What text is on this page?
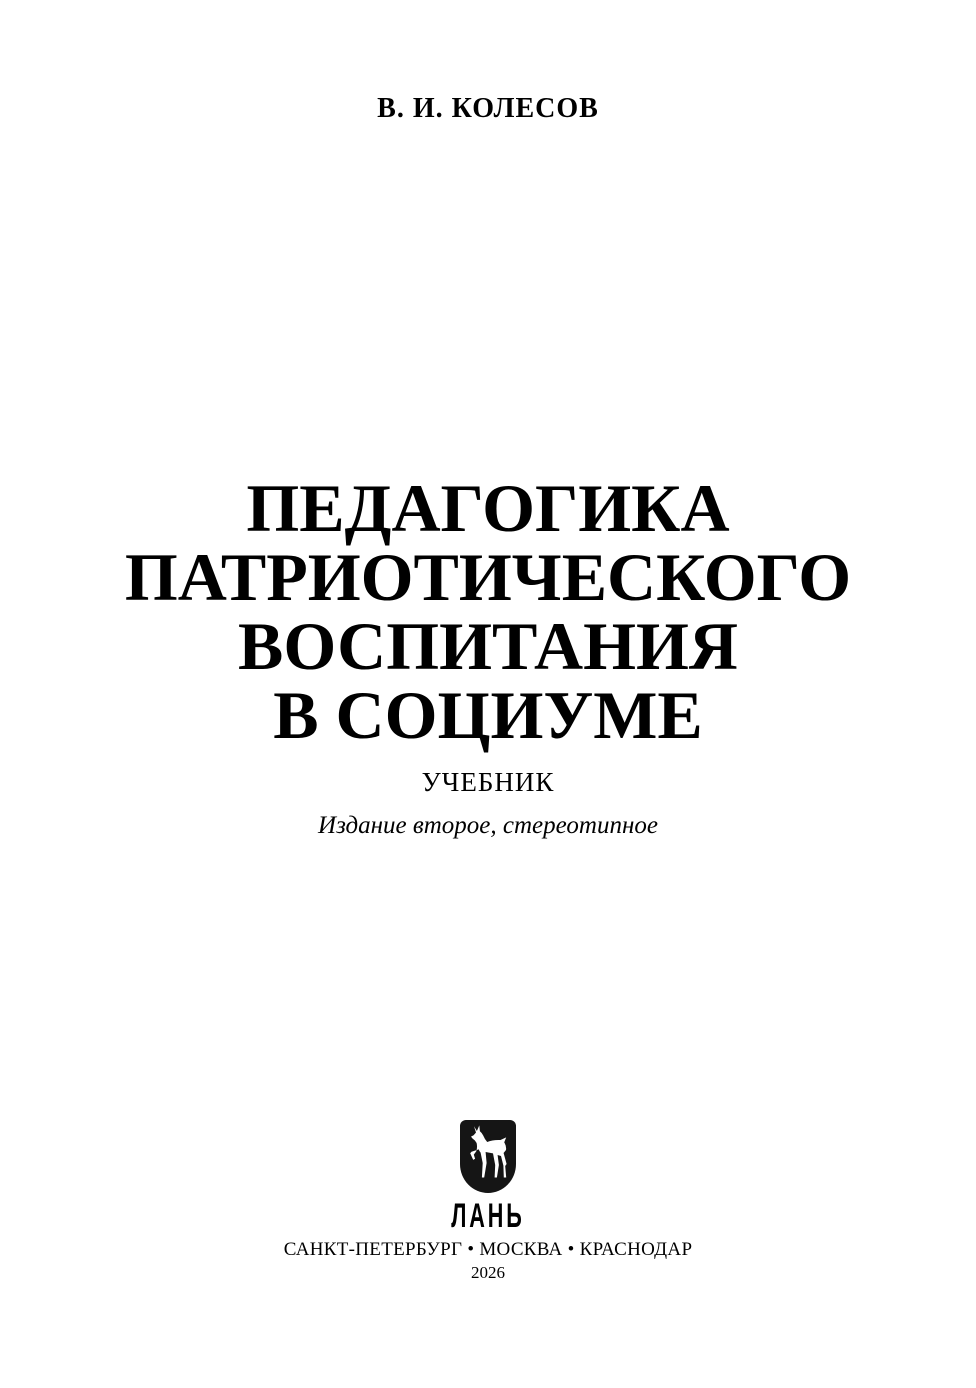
В. И. КОЛЕСОВ
ПЕДАГОГИКА
ПАТРИОТИЧЕСКОГО
ВОСПИТАНИЯ
В СОЦИУМЕ
УЧЕБНИК
Издание второе, стереотипное
ЛАНЬ
САНКТ-ПЕТЕРБУРГ • МОСКВА • КРАСНОДАР
2026
